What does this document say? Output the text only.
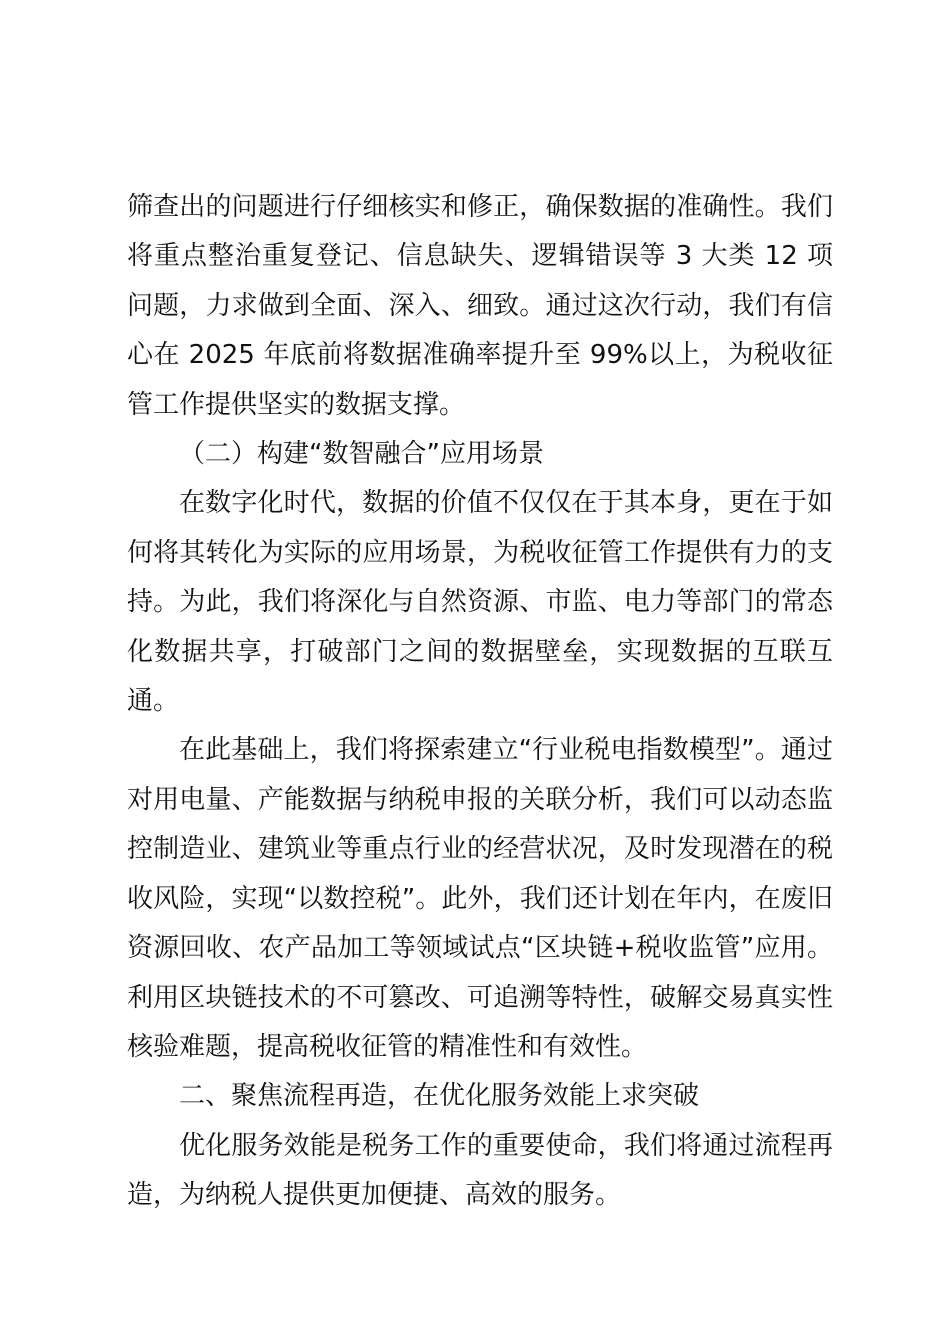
筛查出的问题进行仔细核实和修正，确保数据的准确性。我们将重点整治重复登记、信息缺失、逻辑错误等 3 大类 12 项问题，力求做到全面、深入、细致。通过这次行动，我们有信心在 2025 年底前将数据准确率提升至 99%以上，为税收征管工作提供坚实的数据支撑。

（二）构建“数智融合”应用场景

在数字化时代，数据的价值不仅仅在于其本身，更在于如何将其转化为实际的应用场景，为税收征管工作提供有力的支持。为此，我们将深化与自然资源、市监、电力等部门的常态化数据共享，打破部门之间的数据壁垒，实现数据的互联互通。

在此基础上，我们将探索建立“行业税电指数模型”。通过对用电量、产能数据与纳税申报的关联分析，我们可以动态监控制造业、建筑业等重点行业的经营状况，及时发现潜在的税收风险，实现“以数控税”。此外，我们还计划在年内，在废旧资源回收、农产品加工等领域试点“区块链+税收监管”应用。利用区块链技术的不可篡改、可追溯等特性，破解交易真实性核验难题，提高税收征管的精准性和有效性。

二、聚焦流程再造，在优化服务效能上求突破

优化服务效能是税务工作的重要使命，我们将通过流程再造，为纳税人提供更加便捷、高效的服务。
